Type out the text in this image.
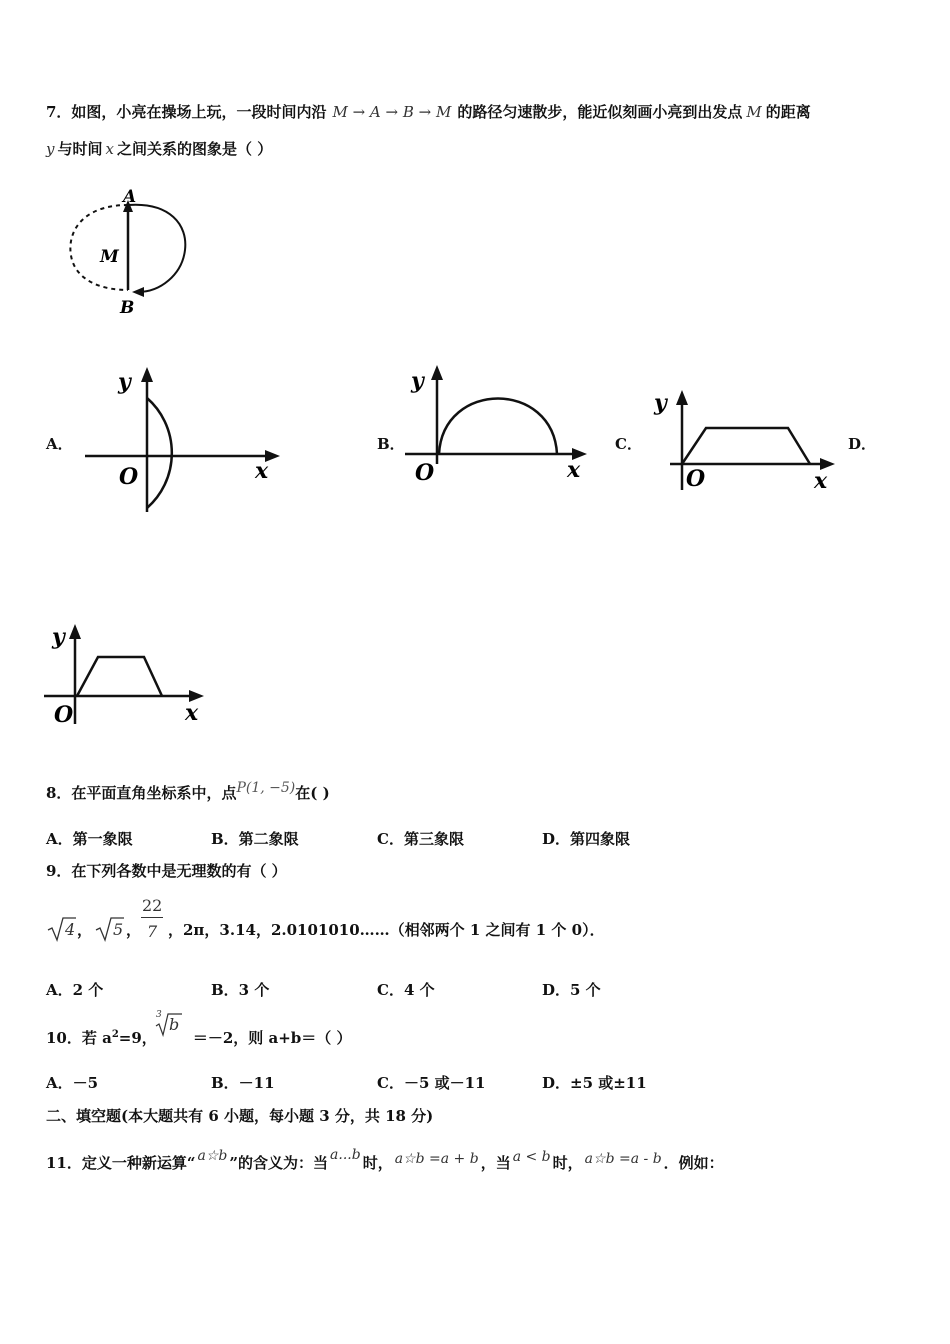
7．如图，小亮在操场上玩，一段时间内沿 M → A → B → M 的路径匀速散步，能近似刻画小亮到出发点 M 的距离
y 与时间 x 之间关系的图象是（ ）
A
M
B
A．	B．	C．	D．
y
x
O
y
x
O
y
x
O
y
x
O
8．在平面直角坐标系中，点P(1, −5)在( )
A．第一象限	B．第二象限	C．第三象限	D．第四象限
9．在下列各数中是无理数的有（ ）
4 ， 5 ，
22
7 ，2π，3.14，2.0101010……（相邻两个 1 之间有 1 个 0）．
A．2 个	B．3 个	C．4 个	D．5 个
10．若 $a^2=9$， ＝－2，则 a+b＝（ ）
3 b
A．－5	B．－11	C．－5 或－11	D．±5 或±11
二、填空题(本大题共有 6 小题，每小题 3 分，共 18 分)
11．定义一种新运算“ a☆b ”的含义为：当 a...b 时， a☆b =a + b ，当 a < b 时， a☆b =a - b ．例如：
